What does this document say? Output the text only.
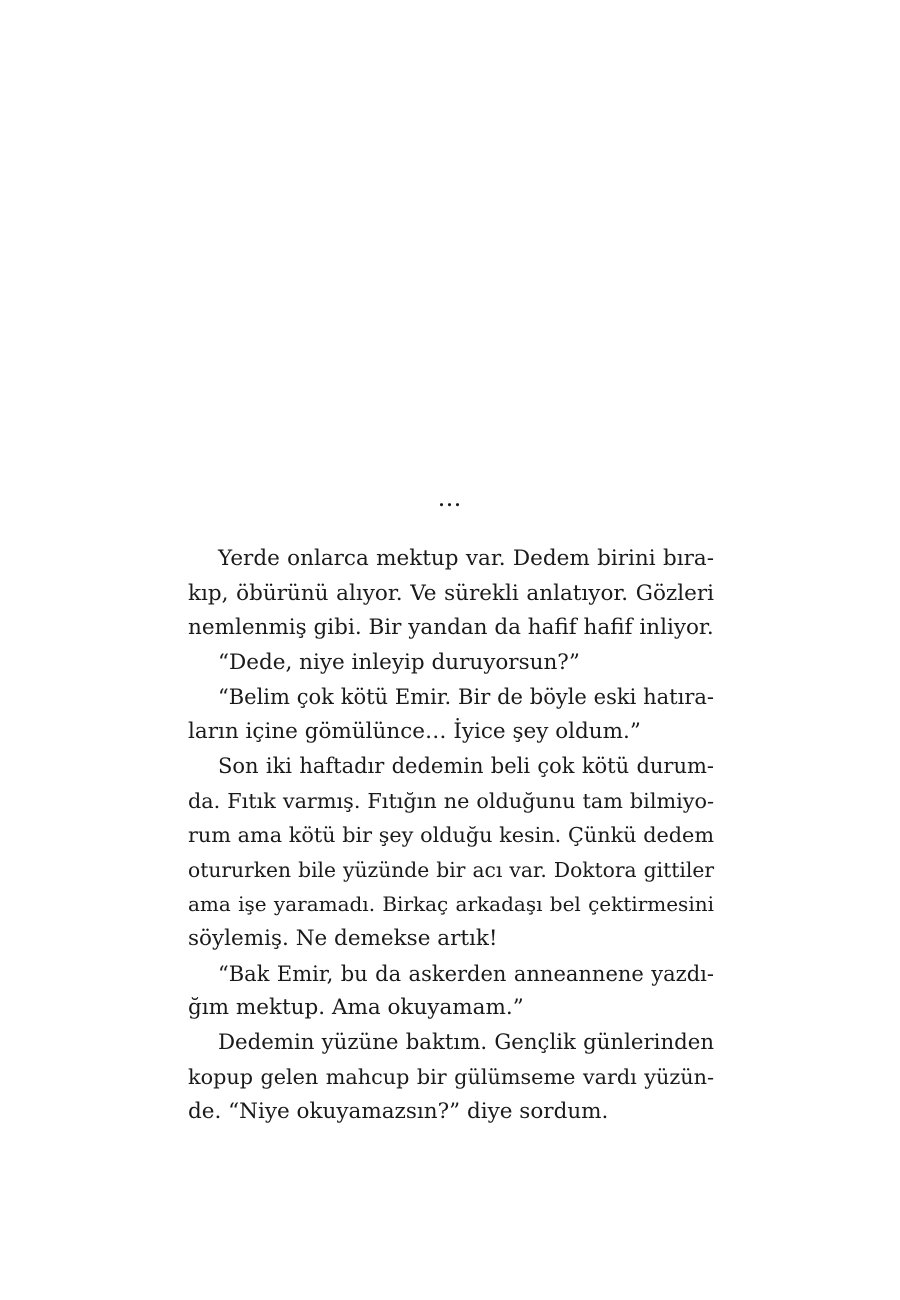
…
Yerde onlarca mektup var. Dedem birini bıra-
kıp, öbürünü alıyor. Ve sürekli anlatıyor. Gözleri
nemlenmiş gibi. Bir yandan da hafif hafif inliyor.
“Dede, niye inleyip duruyorsun?”
“Belim çok kötü Emir. Bir de böyle eski hatıra-
ların içine gömülünce… İyice şey oldum.”
Son iki haftadır dedemin beli çok kötü durum-
da. Fıtık varmış. Fıtığın ne olduğunu tam bilmiyo-
rum ama kötü bir şey olduğu kesin. Çünkü dedem
otururken bile yüzünde bir acı var. Doktora gittiler
ama işe yaramadı. Birkaç arkadaşı bel çektirmesini
söylemiş. Ne demekse artık!
“Bak Emir, bu da askerden anneannene yazdı-
ğım mektup. Ama okuyamam.”
Dedemin yüzüne baktım. Gençlik günlerinden
kopup gelen mahcup bir gülümseme vardı yüzün-
de. “Niye okuyamazsın?” diye sordum.
